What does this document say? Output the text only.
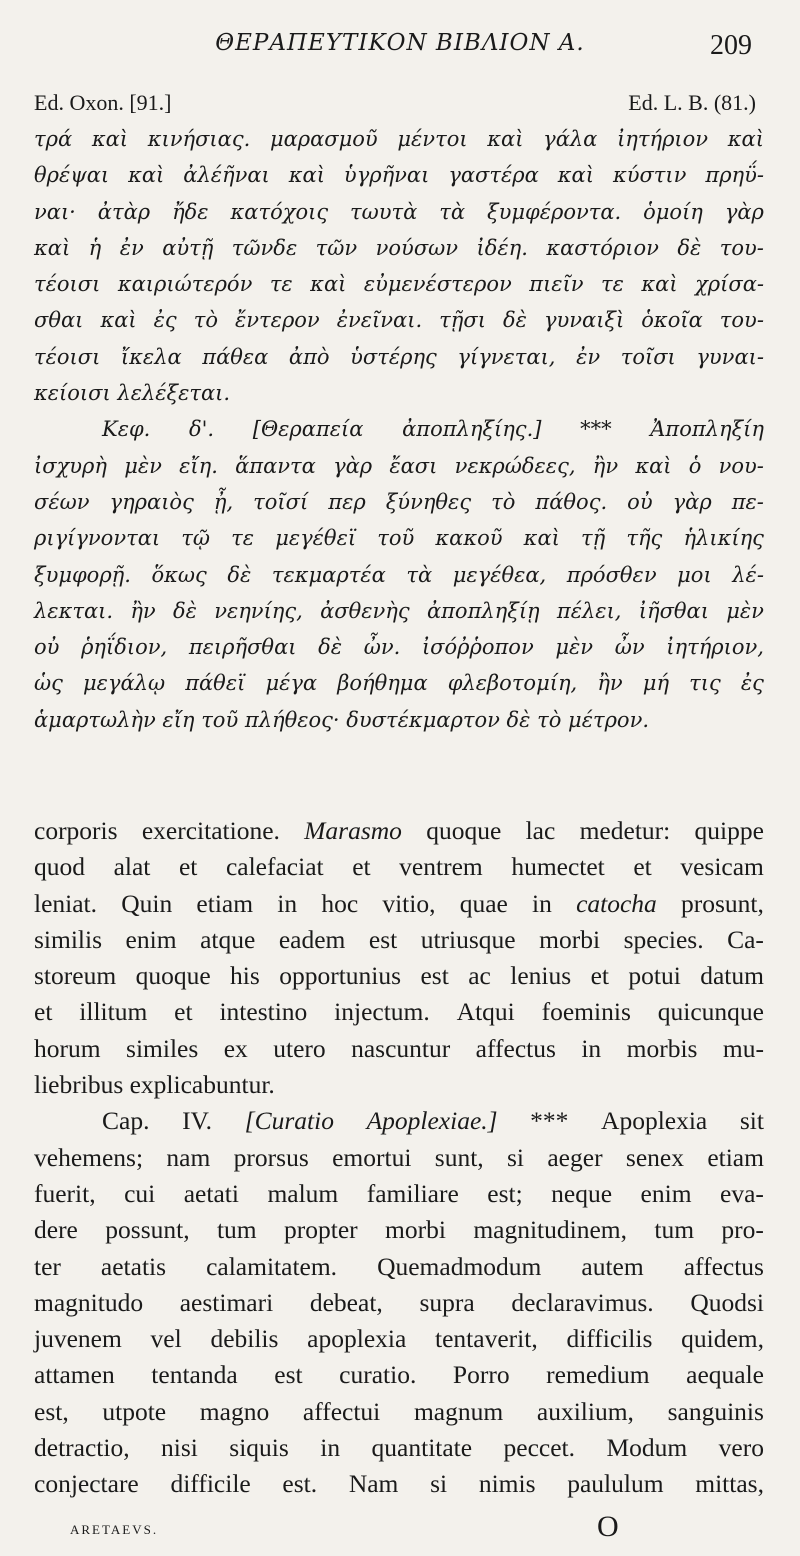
ΘΕΡΑΠΕΥΤΙΚΟΝ ΒΙΒΛΙΟΝ Α.	209
Ed. Oxon. [91.]	Ed. L. B. (81.)
τρά καὶ κινήσιας. μαρασμοῦ μέντοι καὶ γάλα ἰητήριον καὶ
θρέψαι καὶ ἀλέῆναι καὶ ὑγρῆναι γαστέρα καὶ κύστιν πρηΰ-
ναι· ἀτὰρ ἤδε κατόχοις τωυτὰ τὰ ξυμφέροντα. ὁμοίη γὰρ
καὶ ἡ ἐν αὐτῇ τῶνδε τῶν νούσων ἰδέη. καστόριον δὲ του-
τέοισι καιριώτερόν τε καὶ εὐμενέστερον πιεῖν τε καὶ χρίσα-
σθαι καὶ ἐς τὸ ἔντερον ἐνεῖναι. τῇσι δὲ γυναιξὶ ὁκοῖα του-
τέοισι ἴκελα πάθεα ἀπὸ ὑστέρης γίγνεται, ἐν τοῖσι γυναι-
κείοισι λελέξεται.
Κεφ. δ'. [Θεραπεία ἀποπληξίης.] *** Ἀποπληξίη
ἰσχυρὴ μὲν εἴη. ἅπαντα γὰρ ἔασι νεκρώδεες, ἢν καὶ ὁ νου-
σέων γηραιὸς ᾖ, τοῖσί περ ξύνηθες τὸ πάθος. οὐ γὰρ πε-
ριγίγνονται τῷ τε μεγέθεϊ τοῦ κακοῦ καὶ τῇ τῆς ἡλικίης
ξυμφορῇ. ὅκως δὲ τεκμαρτέα τὰ μεγέθεα, πρόσθεν μοι λέ-
λεκται. ἢν δὲ νεηνίης, ἀσθενὴς ἀποπληξίῃ πέλει, ἰῆσθαι μὲν
οὐ ῥηΐδιον, πειρῆσθαι δὲ ὦν. ἰσόῤῥοπον μὲν ὦν ἰητήριον,
ὡς μεγάλῳ πάθεϊ μέγα βοήθημα φλεβοτομίη, ἢν μή τις ἐς
ἁμαρτωλὴν εἴη τοῦ πλήθεος· δυστέκμαρτον δὲ τὸ μέτρον.
corporis exercitatione. Marasmo quoque lac medetur: quippe
quod alat et calefaciat et ventrem humectet et vesicam
leniat. Quin etiam in hoc vitio, quae in catocha prosunt,
similis enim atque eadem est utriusque morbi species. Ca-
storeum quoque his opportunius est ac lenius et potui datum
et illitum et intestino injectum. Atqui foeminis quicunque
horum similes ex utero nascuntur affectus in morbis mu-
liebribus explicabuntur.
Cap. IV. [Curatio Apoplexiae.] *** Apoplexia sit
vehemens; nam prorsus emortui sunt, si aeger senex etiam
fuerit, cui aetati malum familiare est; neque enim eva-
dere possunt, tum propter morbi magnitudinem, tum pro-
ter aetatis calamitatem. Quemadmodum autem affectus
magnitudo aestimari debeat, supra declaravimus. Quodsi
juvenem vel debilis apoplexia tentaverit, difficilis quidem,
attamen tentanda est curatio. Porro remedium aequale
est, utpote magno affectui magnum auxilium, sanguinis
detractio, nisi siquis in quantitate peccet. Modum vero
conjectare difficile est. Nam si nimis paululum mittas,
ARETAEVS.	O
